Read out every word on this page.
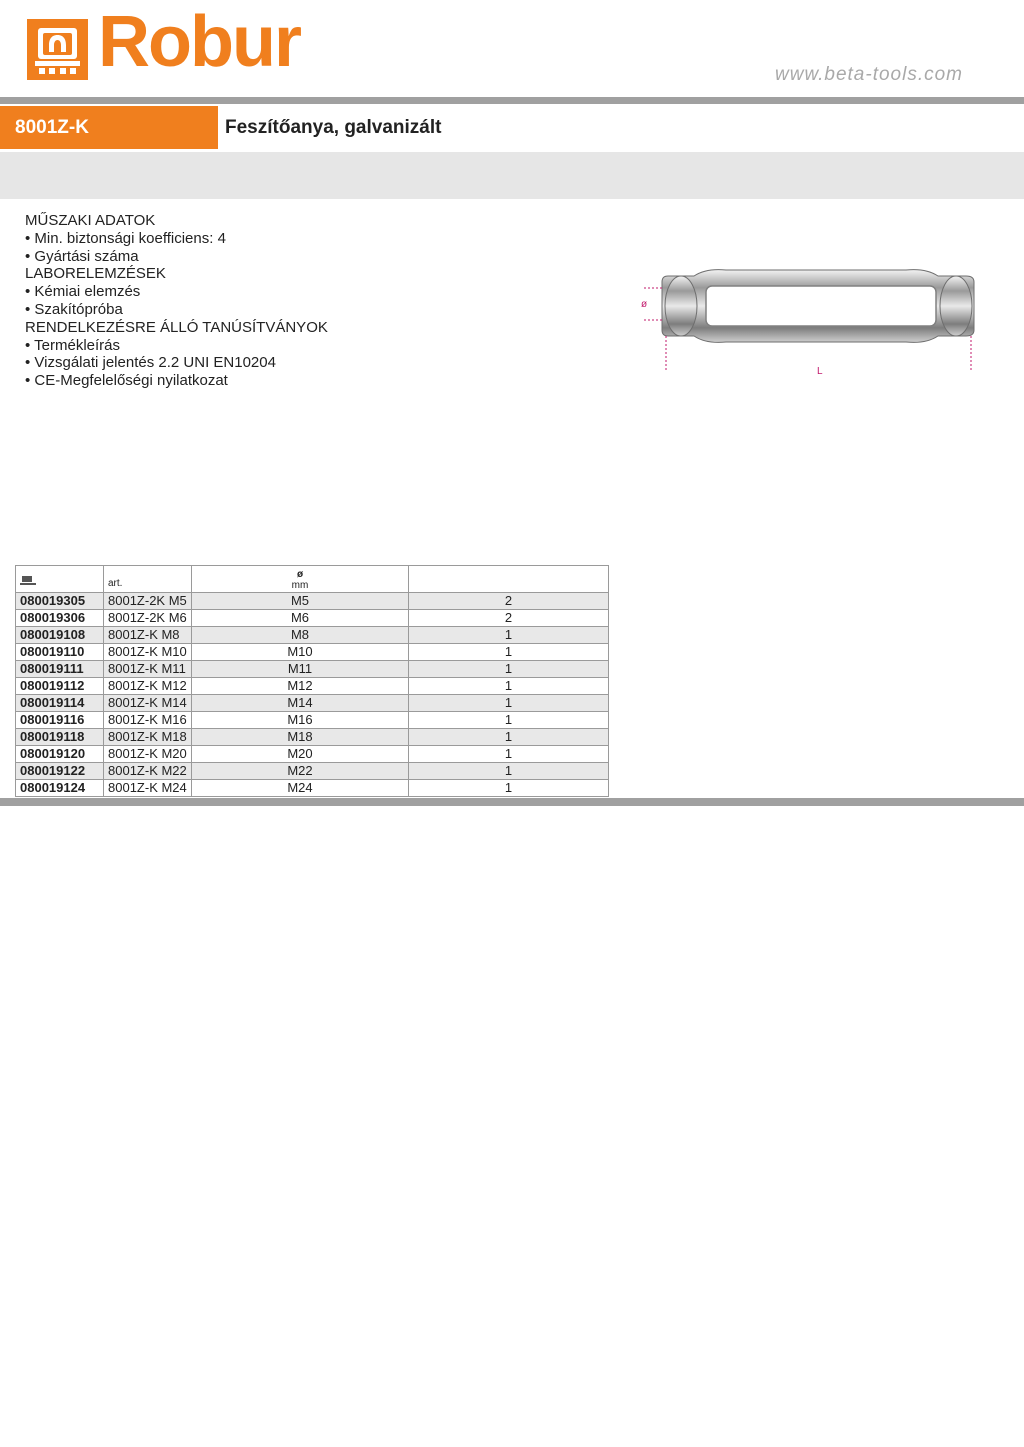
Robur	www.beta-tools.com
8001Z-K	Feszítőanya, galvanizált
MŰSZAKI ADATOK
• Min. biztonsági koefficiens: 4
• Gyártási száma
LABORELEMZÉSEK
• Kémiai elemzés
• Szakítópróba
RENDELKEZÉSRE ÁLLÓ TANÚSÍTVÁNYOK
• Termékleírás
• Vizsgálati jelentés 2.2 UNI EN10204
• CE-Megfelelőségi nyilatkozat
ø
L
	art.	ø
mm	

080019305	8001Z-2K M5	M5	2
080019306	8001Z-2K M6	M6	2
080019108	8001Z-K M8	M8	1
080019110	8001Z-K M10	M10	1
080019111	8001Z-K M11	M11	1
080019112	8001Z-K M12	M12	1
080019114	8001Z-K M14	M14	1
080019116	8001Z-K M16	M16	1
080019118	8001Z-K M18	M18	1
080019120	8001Z-K M20	M20	1
080019122	8001Z-K M22	M22	1
080019124	8001Z-K M24	M24	1
